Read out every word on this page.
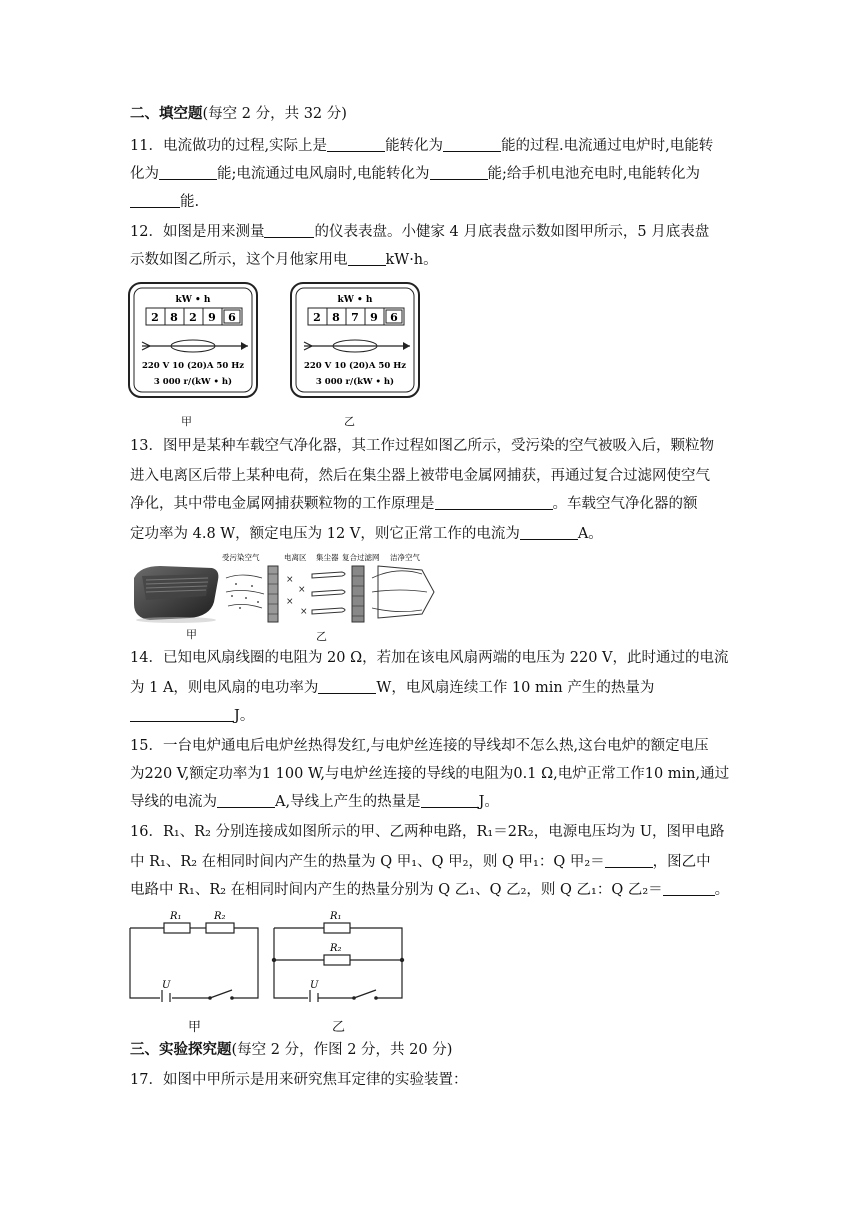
二、填空题(每空 2 分，共 32 分)
11．电流做功的过程,实际上是	能转化为	能的过程.电流通过电炉时,电能转
化为	能;电流通过电风扇时,电能转化为	能;给手机电池充电时,电能转化为
能.
12．如图是用来测量	的仪表表盘。小健家 4 月底表盘示数如图甲所示，5 月底表盘
示数如图乙所示，这个月他家用电	kW·h。
kW • h
2 8 2 9 6
220 V 10 (20)A 50 Hz
3 000 r/(kW • h)
甲
kW • h
2 8 7 9 6
220 V 10 (20)A 50 Hz
3 000 r/(kW • h)
乙
13．图甲是某种车载空气净化器，其工作过程如图乙所示，受污染的空气被吸入后，颗粒物
进入电离区后带上某种电荷，然后在集尘器上被带电金属网捕获，再通过复合过滤网使空气
净化，其中带电金属网捕获颗粒物的工作原理是	。车载空气净化器的额
定功率为 4.8 W，额定电压为 12 V，则它正常工作的电流为	A。
甲
受污染空气	电离区 集尘器 复合过滤网 洁净空气
×
×
×
×
乙
14．已知电风扇线圈的电阻为 20 Ω，若加在该电风扇两端的电压为 220 V，此时通过的电流
为 1 A，则电风扇的电功率为	W，电风扇连续工作 10 min 产生的热量为
J。
15．一台电炉通电后电炉丝热得发红,与电炉丝连接的导线却不怎么热,这台电炉的额定电压
为220 V,额定功率为1 100 W,与电炉丝连接的导线的电阻为0.1 Ω,电炉正常工作10 min,通过
导线的电流为	A,导线上产生的热量是	J。
16．R₁、R₂ 分别连接成如图所示的甲、乙两种电路，R₁＝2R₂，电源电压均为 U，图甲电路
中 R₁、R₂ 在相同时间内产生的热量为 Q 甲₁、Q 甲₂，则 Q 甲₁：Q 甲₂＝	，图乙中
电路中 R₁、R₂ 在相同时间内产生的热量分别为 Q 乙₁、Q 乙₂，则 Q 乙₁：Q 乙₂＝	。
R₁	R₂
U
甲
R₁
R₂
U
乙
三、实验探究题(每空 2 分，作图 2 分，共 20 分)
17．如图中甲所示是用来研究焦耳定律的实验装置：
